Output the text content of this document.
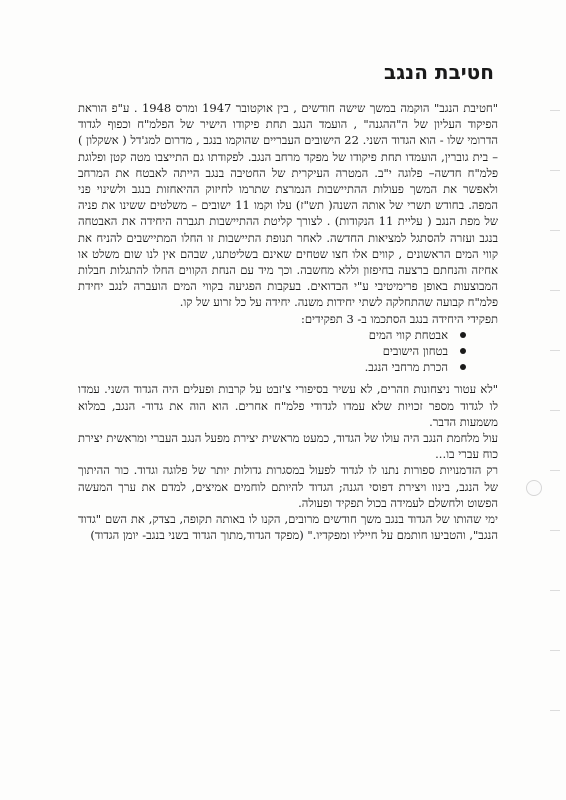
חטיבת הנגב

"חטיבת הנגב" הוקמה במשך שישה חודשים , בין אוקטובר 1947 ומרס 1948 . ע"פ הוראת הפיקוד העליון של ה"ההגנה" , הועמד הנגב תחת פיקודו הישיר של הפלמ"ח וכפוף לגדוד הדרומי שלו - הוא הגדוד השני. 22 הישובים העבריים שהוקמו בנגב , מדרום למג'דל ( אשקלון ) – בית גוברין, הועמדו תחת פיקודו של מפקד מרחב הנגב. לפקודתו גם התייצבו מטה קטן ופלוגת פלמ"ח חדשה– פלוגה י"ב. המטרה העיקרית של החטיבה בנגב הייתה לאבטח את המרחב ולאפשר את המשך פעולות ההתיישבות הנמרצת שתרמו לחיזוק ההיאחזות בנגב ולשינוי פני המפה. בחודש תשרי של אותה השנה( תש"ז) עלו וקמו 11 ישובים – משלטים ששינו את פניה של מפת הנגב ( עליית 11 הנקודות) . לצורך קליטת ההתיישבות תגברה היחידה את האבטחה בנגב ועזרה להסתגל למציאות החדשה. לאחר תנופת התיישבות זו החלו המתיישבים להניח את קווי המים הראשונים , קווים אלו חצו שטחים שאינם בשליטתנו, שבהם אין לנו שום משלט או אחיזה והנחתם ברצעה בחיפזון וללא מחשבה. וכך מיד עם הנחת הקווים החלו להתגלות חבלות המבוצעות באופן פרימיטיבי ע"י הבדואים. בעקבות הפגיעה בקווי המים הועברה לנגב יחידת פלמ"ח קבועה שהתחלקה לשתי יחידות משנה. יחידה על כל זרוע של קו.

תפקידי היחידה בנגב הסתכמו ב- 3 תפקידים:

אבטחת קווי המים
בטחון הישובים
הכרת מרחבי הנגב.

"לא עטור ניצחונות וזהרים, לא עשיר בסיפורי צ'זבט על קרבות ופעלים היה הגדוד השני. עמדו לו לגדוד מספר זכויות שלא עמדו לגדודי פלמ"ח אחרים. הוא הוה את גדוד- הנגב, במלוא משמעות הדבר.

עול מלחמת הנגב היה עולו של הגדוד, כמעט מראשית יצירת מפעל הנגב העברי ומראשית יצירת כוח עברי בו...

רק הזדמנויות ספורות נתנו לו לגדוד לפעול במסגרות גדולות יותר של פלוגה וגדוד. כור ההיתוך של הנגב, בינוו ויצירת דפוסי הגנה; הגדוד להיותם לוחמים אמיצים, למדם את ערך המעשה הפשוט ולחשלם לעמידה בכול תפקיד ופעולה.

ימי שהותו של הגדוד בנגב משך חודשים מרובים, הקנו לו באותה תקופה, בצדק, את השם "גדוד הנגב", והטביעו חותמם על חייליו ומפקדיו." (מפקד הגדוד,מתוך הגדוד בשני בנגב- יומן הגדוד)
